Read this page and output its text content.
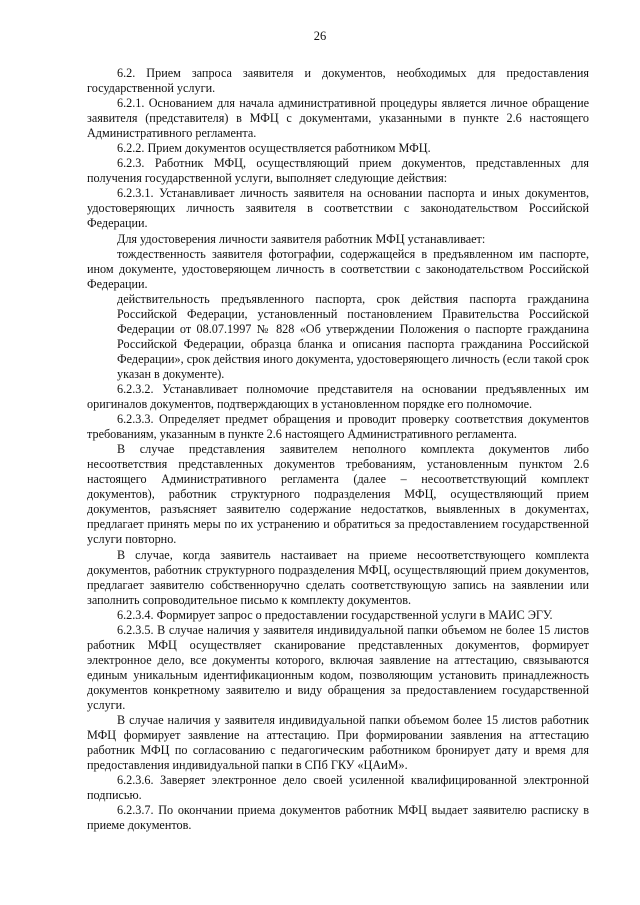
26

6.2. Прием запроса заявителя и документов, необходимых для предоставления государственной услуги.

6.2.1. Основанием для начала административной процедуры является личное обращение заявителя (представителя) в МФЦ с документами, указанными в пункте 2.6 настоящего Административного регламента.

6.2.2. Прием документов осуществляется работником МФЦ.

6.2.3. Работник МФЦ, осуществляющий прием документов, представленных для получения государственной услуги, выполняет следующие действия:

6.2.3.1. Устанавливает личность заявителя на основании паспорта и иных документов, удостоверяющих личность заявителя в соответствии с законодательством Российской Федерации.

Для удостоверения личности заявителя работник МФЦ устанавливает:

тождественность заявителя фотографии, содержащейся в предъявленном им паспорте, ином документе, удостоверяющем личность в соответствии с законодательством Российской Федерации.

действительность предъявленного паспорта, срок действия паспорта гражданина Российской Федерации, установленный постановлением Правительства Российской Федерации от 08.07.1997 № 828 «Об утверждении Положения о паспорте гражданина Российской Федерации, образца бланка и описания паспорта гражданина Российской Федерации», срок действия иного документа, удостоверяющего личность (если такой срок указан в документе).

6.2.3.2. Устанавливает полномочие представителя на основании предъявленных им оригиналов документов, подтверждающих в установленном порядке его полномочие.

6.2.3.3. Определяет предмет обращения и проводит проверку соответствия документов требованиям, указанным в пункте 2.6 настоящего Административного регламента.

В случае представления заявителем неполного комплекта документов либо несоответствия представленных документов требованиям, установленным пунктом 2.6 настоящего Административного регламента (далее – несоответствующий комплект документов), работник структурного подразделения МФЦ, осуществляющий прием документов, разъясняет заявителю содержание недостатков, выявленных в документах, предлагает принять меры по их устранению и обратиться за предоставлением государственной услуги повторно.

В случае, когда заявитель настаивает на приеме несоответствующего комплекта документов, работник структурного подразделения МФЦ, осуществляющий прием документов, предлагает заявителю собственноручно сделать соответствующую запись на заявлении или заполнить сопроводительное письмо к комплекту документов.

6.2.3.4. Формирует запрос о предоставлении государственной услуги в МАИС ЭГУ.

6.2.3.5. В случае наличия у заявителя индивидуальной папки объемом не более 15 листов работник МФЦ осуществляет сканирование представленных документов, формирует электронное дело, все документы которого, включая заявление на аттестацию, связываются единым уникальным идентификационным кодом, позволяющим установить принадлежность документов конкретному заявителю и виду обращения за предоставлением государственной услуги.

В случае наличия у заявителя индивидуальной папки объемом более 15 листов работник МФЦ формирует заявление на аттестацию. При формировании заявления на аттестацию работник МФЦ по согласованию с педагогическим работником бронирует дату и время для предоставления индивидуальной папки в СПб ГКУ «ЦАиМ».

6.2.3.6. Заверяет электронное дело своей усиленной квалифицированной электронной подписью.

6.2.3.7. По окончании приема документов работник МФЦ выдает заявителю расписку в приеме документов.
